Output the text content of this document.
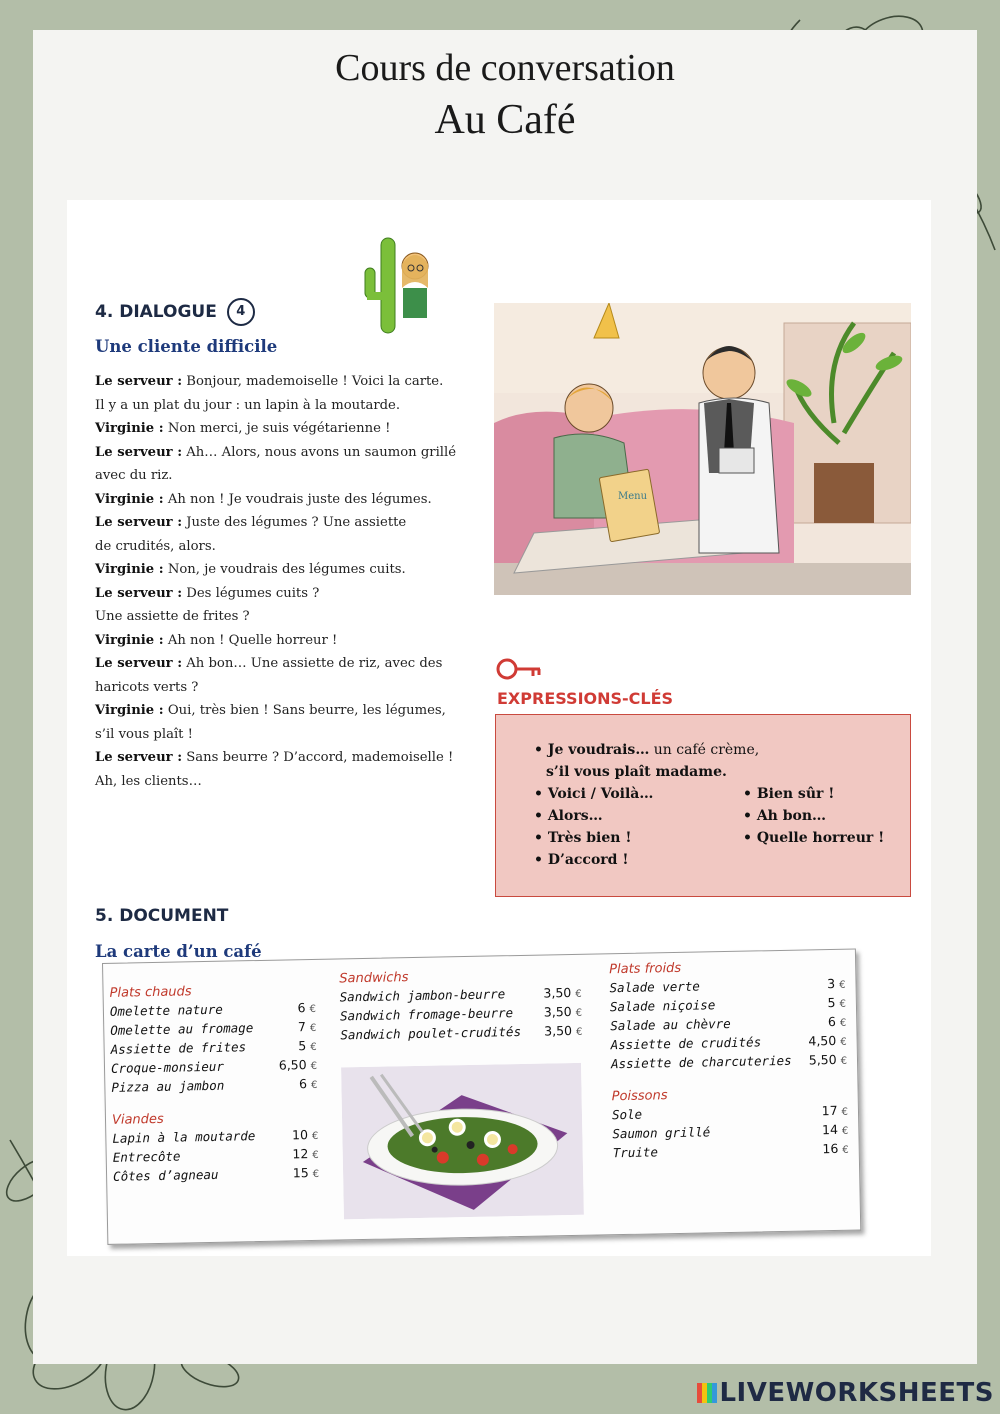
Cours de conversation
Au Café
4. DIALOGUE 4
Une cliente difficile
Le serveur : Bonjour, mademoiselle ! Voici la carte.
Il y a un plat du jour : un lapin à la moutarde.
Virginie : Non merci, je suis végétarienne !
Le serveur : Ah… Alors, nous avons un saumon grillé
avec du riz.
Virginie : Ah non ! Je voudrais juste des légumes.
Le serveur : Juste des légumes ? Une assiette
de crudités, alors.
Virginie : Non, je voudrais des légumes cuits.
Le serveur : Des légumes cuits ?
Une assiette de frites ?
Virginie : Ah non ! Quelle horreur !
Le serveur : Ah bon… Une assiette de riz, avec des
haricots verts ?
Virginie : Oui, très bien ! Sans beurre, les légumes,
s’il vous plaît !
Le serveur : Sans beurre ? D’accord, mademoiselle !
Ah, les clients…
Menu
EXPRESSIONS-CLÉS
• Je voudrais… un café crème,
s’il vous plaît madame.
• Voici / Voilà…
• Alors…
• Très bien !
• D’accord !
• Bien sûr !
• Ah bon…
• Quelle horreur !
5. DOCUMENT
La carte d’un café
Plats chauds
Omelette nature	6 €
Omelette au fromage	7 €
Assiette de frites	5 €
Croque-monsieur	6,50 €
Pizza au jambon	6 €
Viandes
Lapin à la moutarde	10 €
Entrecôte	12 €
Côtes d’agneau	15 €
Sandwichs
Sandwich jambon-beurre	3,50 €
Sandwich fromage-beurre	3,50 €
Sandwich poulet-crudités	3,50 €
Plats froids
Salade verte	3 €
Salade niçoise	5 €
Salade au chèvre	6 €
Assiette de crudités	4,50 €
Assiette de charcuteries	5,50 €
Poissons
Sole	17 €
Saumon grillé	14 €
Truite	16 €
LIVEWORKSHEETS
